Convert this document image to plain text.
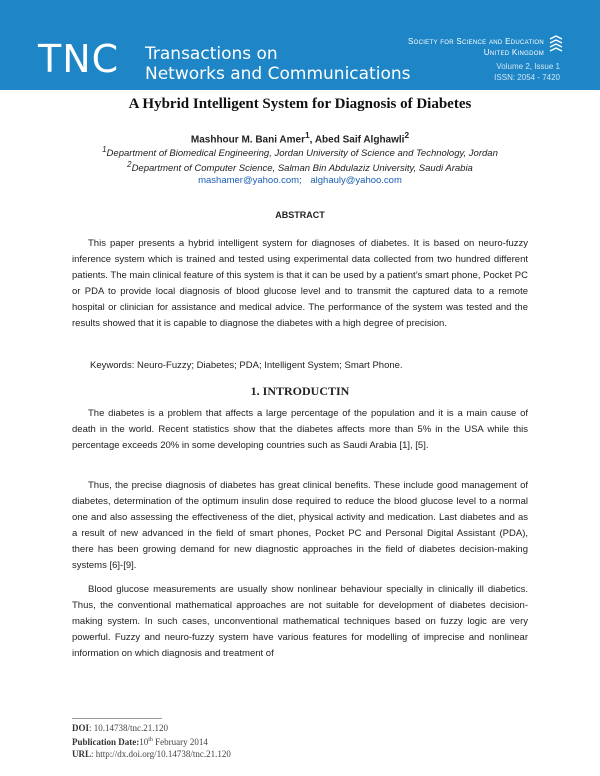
TNC Transactions on
Networks and Communications
Society for Science and Education
United Kingdom
Volume 2, Issue 1
ISSN: 2054 - 7420
A Hybrid Intelligent System for Diagnosis of Diabetes
Mashhour M. Bani Amer$^1$, Abed Saif Alghawli$^2$
$^1$Department of Biomedical Engineering, Jordan University of Science and Technology, Jordan
$^2$Department of Computer Science, Salman Bin Abdulaziz University, Saudi Arabia
mashamer@yahoo.com; alghauly@yahoo.com
ABSTRACT
This paper presents a hybrid intelligent system for diagnoses of diabetes. It is based on neuro-fuzzy inference system which is trained and tested using experimental data collected from two hundred different patients. The main clinical feature of this system is that it can be used by a patient’s smart phone, Pocket PC or PDA to provide local diagnosis of blood glucose level and to transmit the captured data to a remote hospital or clinician for assistance and medical advice. The performance of the system was tested and the results showed that it is capable to diagnose the diabetes with a high degree of precision.
Keywords: Neuro-Fuzzy; Diabetes; PDA; Intelligent System; Smart Phone.
1. INTRODUCTIN
The diabetes is a problem that affects a large percentage of the population and it is a main cause of death in the world. Recent statistics show that the diabetes affects more than 5% in the USA while this percentage exceeds 20% in some developing countries such as Saudi Arabia [1], [5].
Thus, the precise diagnosis of diabetes has great clinical benefits. These include good management of diabetes, determination of the optimum insulin dose required to reduce the blood glucose level to a normal one and also assessing the effectiveness of the diet, physical activity and medication. Last diabetes and as a result of new advanced in the field of smart phones, Pocket PC and Personal Digital Assistant (PDA), there has been growing demand for new diagnostic approaches in the field of diabetes decision-making systems [6]-[9].
Blood glucose measurements are usually show nonlinear behaviour specially in clinically ill diabetics. Thus, the conventional mathematical approaches are not suitable for development of diabetes decision-making system. In such cases, unconventional mathematical techniques based on fuzzy logic are very powerful. Fuzzy and neuro-fuzzy system have various features for modelling of imprecise and nonlinear information on which diagnosis and treatment of
DOI: 10.14738/tnc.21.120
Publication Date:10th February 2014
URL: http://dx.doi.org/10.14738/tnc.21.120
